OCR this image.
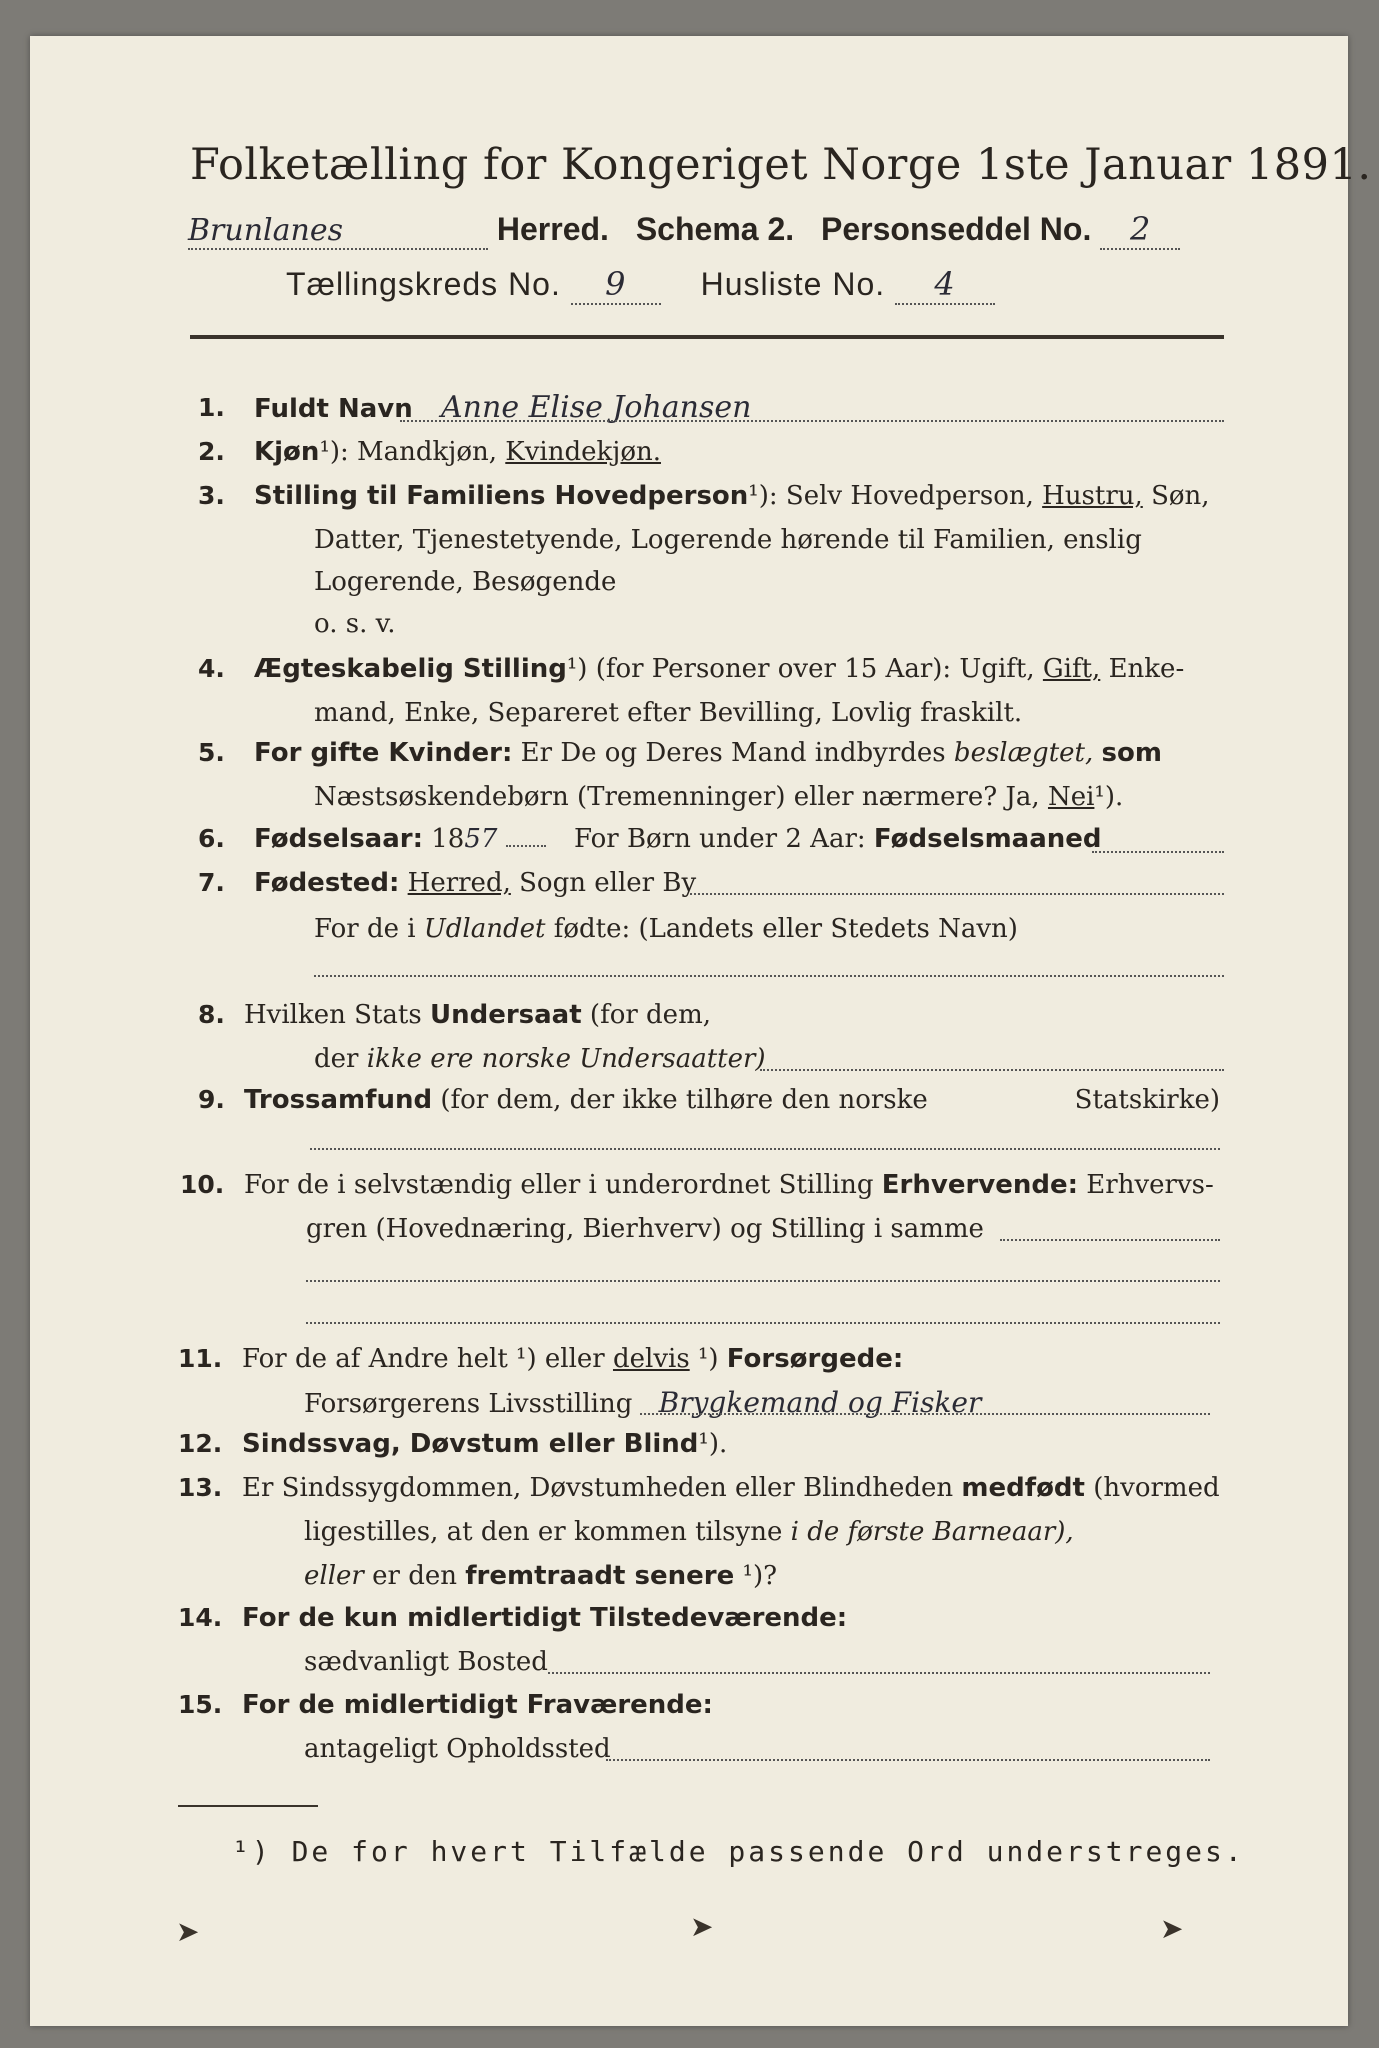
Folketælling for Kongeriget Norge 1ste Januar 1891.
Brunlanes	Herred. Schema 2. Personseddel No. 2
Tællingskreds No. 9 Husliste No. 4
1. Fuldt Navn Anne Elise Johansen
2. Kjøn¹): Mandkjøn, Kvindekjøn.
3. Stilling til Familiens Hovedperson¹): Selv Hovedperson, Hustru, Søn,
Datter, Tjenestetyende, Logerende hørende til Familien, enslig
Logerende, Besøgende
o. s. v.
4. Ægteskabelig Stilling¹) (for Personer over 15 Aar): Ugift, Gift, Enke-
mand, Enke, Separeret efter Bevilling, Lovlig fraskilt.
5. For gifte Kvinder: Er De og Deres Mand indbyrdes beslægtet, som
Næstsøskendebørn (Tremenninger) eller nærmere? Ja, Nei¹).
6. Fødselsaar: 1857	For Børn under 2 Aar: Fødselsmaaned
7. Fødested: Herred, Sogn eller By
For de i Udlandet fødte: (Landets eller Stedets Navn)
8. Hvilken Stats Undersaat (for dem,
der ikke ere norske Undersaatter)
9. Trossamfund (for dem, der ikke tilhøre den norske	Statskirke)
10. For de i selvstændig eller i underordnet Stilling Erhvervende: Erhvervs-
gren (Hovednæring, Bierhverv) og Stilling i samme
11. For de af Andre helt ¹) eller delvis ¹) Forsørgede:
Forsørgerens Livsstilling Brygkemand og Fisker
12. Sindssvag, Døvstum eller Blind¹).
13. Er Sindssygdommen, Døvstumheden eller Blindheden medfødt (hvormed
ligestilles, at den er kommen tilsyne i de første Barneaar),
eller er den fremtraadt senere ¹)?
14. For de kun midlertidigt Tilstedeværende:
sædvanligt Bosted
15. For de midlertidigt Fraværende:
antageligt Opholdssted
¹) De for hvert Tilfælde passende Ord understreges.
➤	➤	➤
